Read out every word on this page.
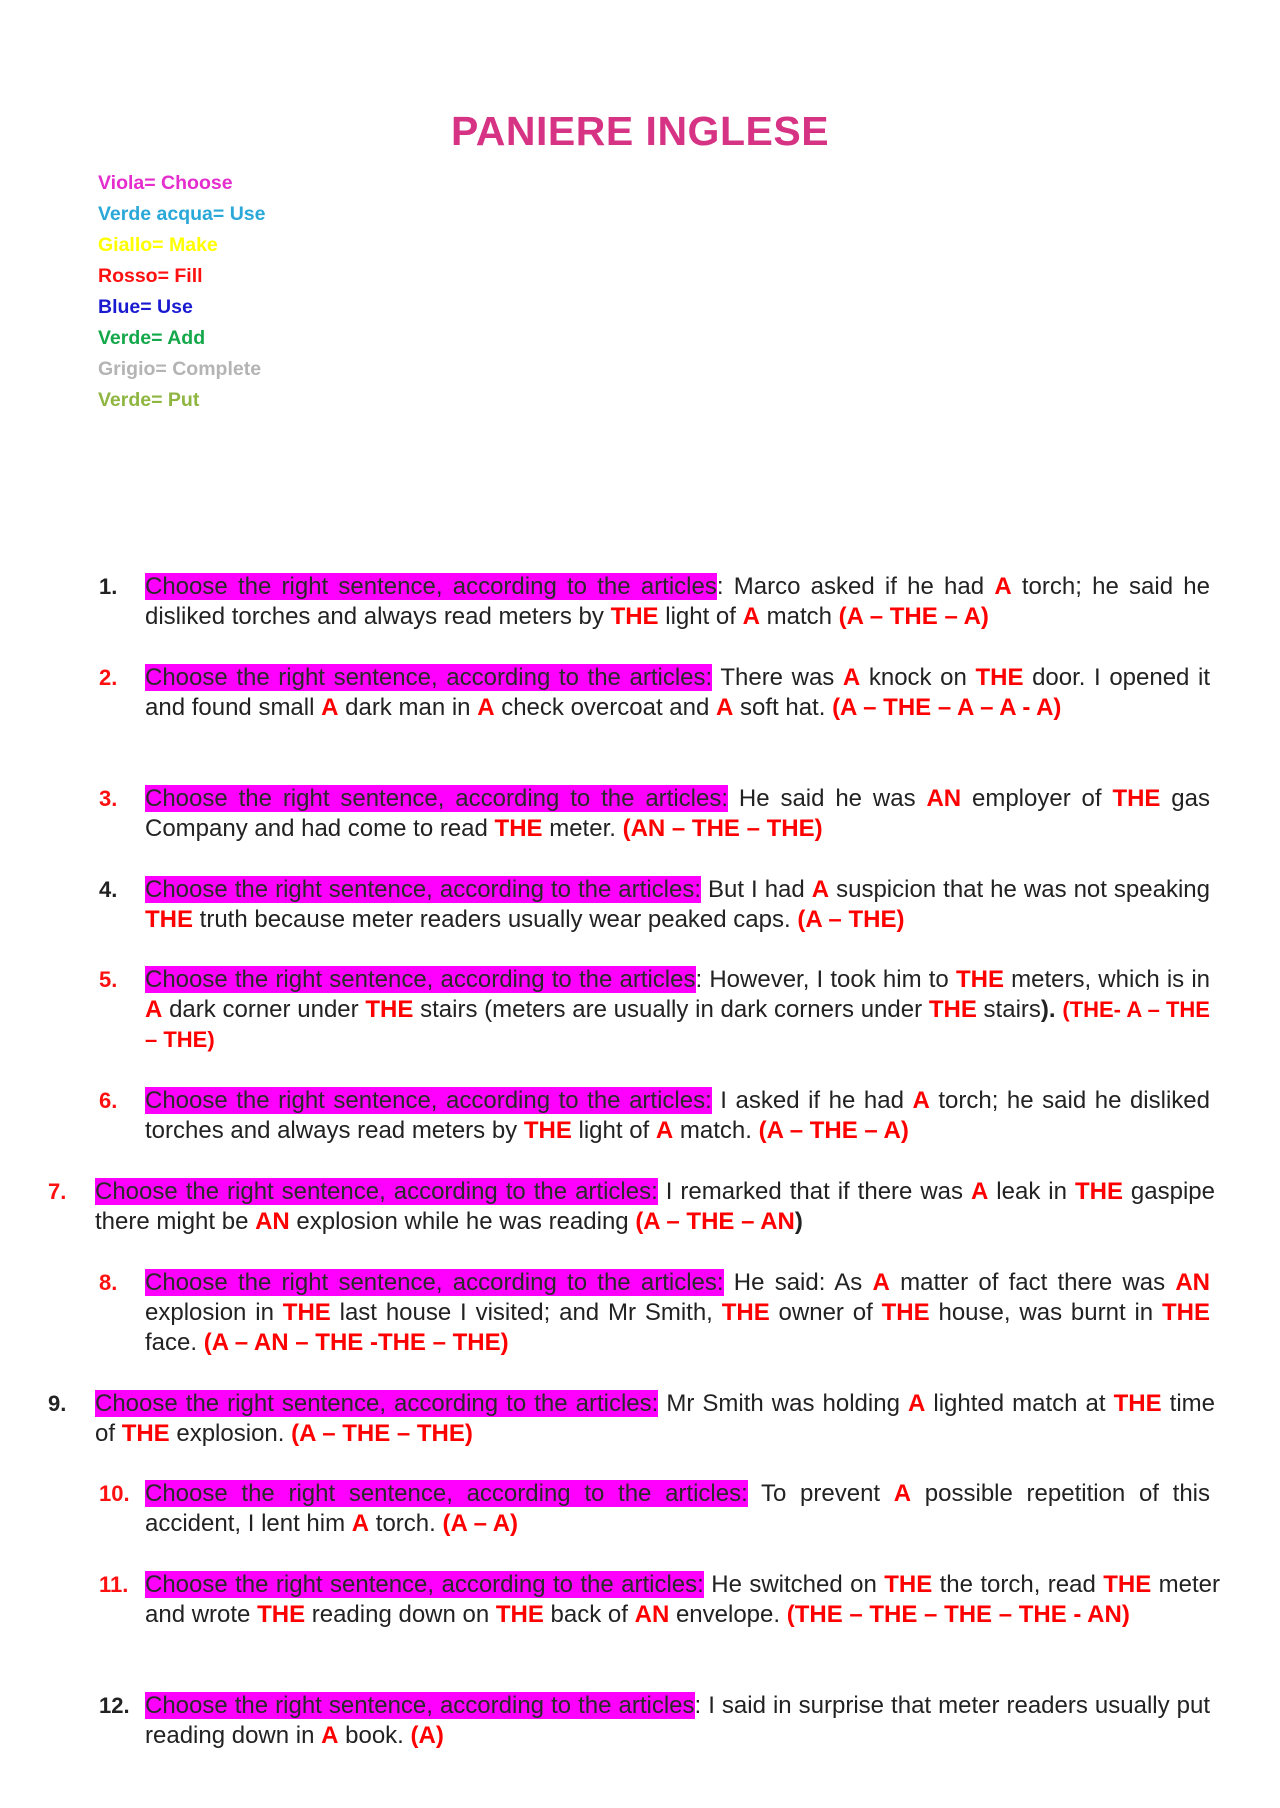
PANIERE INGLESE
Viola= Choose
Verde acqua= Use
Giallo= Make
Rosso= Fill
Blue= Use
Verde= Add
Grigio= Complete
Verde= Put
1. Choose the right sentence, according to the articles: Marco asked if he had A torch; he said he disliked torches and always read meters by THE light of A match (A – THE – A)
2. Choose the right sentence, according to the articles: There was A knock on THE door. I opened it and found small A dark man in A check overcoat and A soft hat. (A – THE – A – A - A)
3. Choose the right sentence, according to the articles: He said he was AN employer of THE gas Company and had come to read THE meter. (AN – THE – THE)
4. Choose the right sentence, according to the articles: But I had A suspicion that he was not speaking THE truth because meter readers usually wear peaked caps. (A – THE)
5. Choose the right sentence, according to the articles: However, I took him to THE meters, which is in A dark corner under THE stairs (meters are usually in dark corners under THE stairs). (THE- A – THE – THE)
6. Choose the right sentence, according to the articles: I asked if he had A torch; he said he disliked torches and always read meters by THE light of A match. (A – THE – A)
7. Choose the right sentence, according to the articles: I remarked that if there was A leak in THE gaspipe there might be AN explosion while he was reading (A – THE – AN)
8. Choose the right sentence, according to the articles: He said: As A matter of fact there was AN explosion in THE last house I visited; and Mr Smith, THE owner of THE house, was burnt in THE face. (A – AN – THE -THE – THE)
9. Choose the right sentence, according to the articles: Mr Smith was holding A lighted match at THE time of THE explosion. (A – THE – THE)
10. Choose the right sentence, according to the articles: To prevent A possible repetition of this accident, I lent him A torch. (A – A)
11. Choose the right sentence, according to the articles: He switched on THE the torch, read THE meter and wrote THE reading down on THE back of AN envelope. (THE – THE – THE – THE - AN)
12. Choose the right sentence, according to the articles: I said in surprise that meter readers usually put reading down in A book. (A)
